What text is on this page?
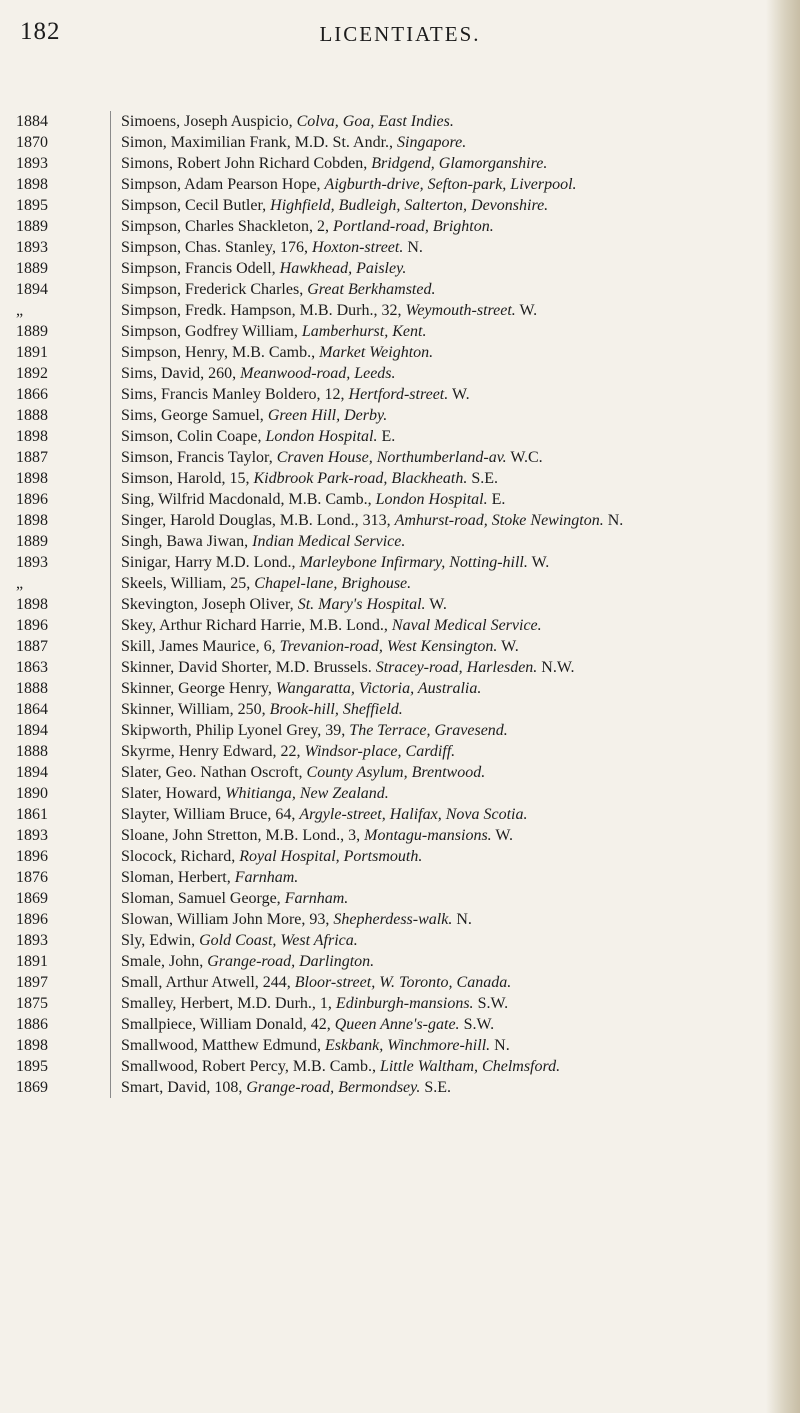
182	LICENTIATES.
1884	Simoens, Joseph Auspicio, Colva, Goa, East Indies.
1870	Simon, Maximilian Frank, M.D. St. Andr., Singapore.
1893	Simons, Robert John Richard Cobden, Bridgend, Glamorganshire.
1898	Simpson, Adam Pearson Hope, Aigburth-drive, Sefton-park, Liverpool.
1895	Simpson, Cecil Butler, Highfield, Budleigh, Salterton, Devonshire.
1889	Simpson, Charles Shackleton, 2, Portland-road, Brighton.
1893	Simpson, Chas. Stanley, 176, Hoxton-street. N.
1889	Simpson, Francis Odell, Hawkhead, Paisley.
1894	Simpson, Frederick Charles, Great Berkhamsted.
„	Simpson, Fredk. Hampson, M.B. Durh., 32, Weymouth-street. W.
1889	Simpson, Godfrey William, Lamberhurst, Kent.
1891	Simpson, Henry, M.B. Camb., Market Weighton.
1892	Sims, David, 260, Meanwood-road, Leeds.
1866	Sims, Francis Manley Boldero, 12, Hertford-street. W.
1888	Sims, George Samuel, Green Hill, Derby.
1898	Simson, Colin Coape, London Hospital. E.
1887	Simson, Francis Taylor, Craven House, Northumberland-av. W.C.
1898	Simson, Harold, 15, Kidbrook Park-road, Blackheath. S.E.
1896	Sing, Wilfrid Macdonald, M.B. Camb., London Hospital. E.
1898	Singer, Harold Douglas, M.B. Lond., 313, Amhurst-road, Stoke Newington. N.
1889	Singh, Bawa Jiwan, Indian Medical Service.
1893	Sinigar, Harry M.D. Lond., Marleybone Infirmary, Notting-hill. W.
„	Skeels, William, 25, Chapel-lane, Brighouse.
1898	Skevington, Joseph Oliver, St. Mary's Hospital. W.
1896	Skey, Arthur Richard Harrie, M.B. Lond., Naval Medical Service.
1887	Skill, James Maurice, 6, Trevanion-road, West Kensington. W.
1863	Skinner, David Shorter, M.D. Brussels. Stracey-road, Harlesden. N.W.
1888	Skinner, George Henry, Wangaratta, Victoria, Australia.
1864	Skinner, William, 250, Brook-hill, Sheffield.
1894	Skipworth, Philip Lyonel Grey, 39, The Terrace, Gravesend.
1888	Skyrme, Henry Edward, 22, Windsor-place, Cardiff.
1894	Slater, Geo. Nathan Oscroft, County Asylum, Brentwood.
1890	Slater, Howard, Whitianga, New Zealand.
1861	Slayter, William Bruce, 64, Argyle-street, Halifax, Nova Scotia.
1893	Sloane, John Stretton, M.B. Lond., 3, Montagu-mansions. W.
1896	Slocock, Richard, Royal Hospital, Portsmouth.
1876	Sloman, Herbert, Farnham.
1869	Sloman, Samuel George, Farnham.
1896	Slowan, William John More, 93, Shepherdess-walk. N.
1893	Sly, Edwin, Gold Coast, West Africa.
1891	Smale, John, Grange-road, Darlington.
1897	Small, Arthur Atwell, 244, Bloor-street, W. Toronto, Canada.
1875	Smalley, Herbert, M.D. Durh., 1, Edinburgh-mansions. S.W.
1886	Smallpiece, William Donald, 42, Queen Anne's-gate. S.W.
1898	Smallwood, Matthew Edmund, Eskbank, Winchmore-hill. N.
1895	Smallwood, Robert Percy, M.B. Camb., Little Waltham, Chelmsford.
1869	Smart, David, 108, Grange-road, Bermondsey. S.E.
